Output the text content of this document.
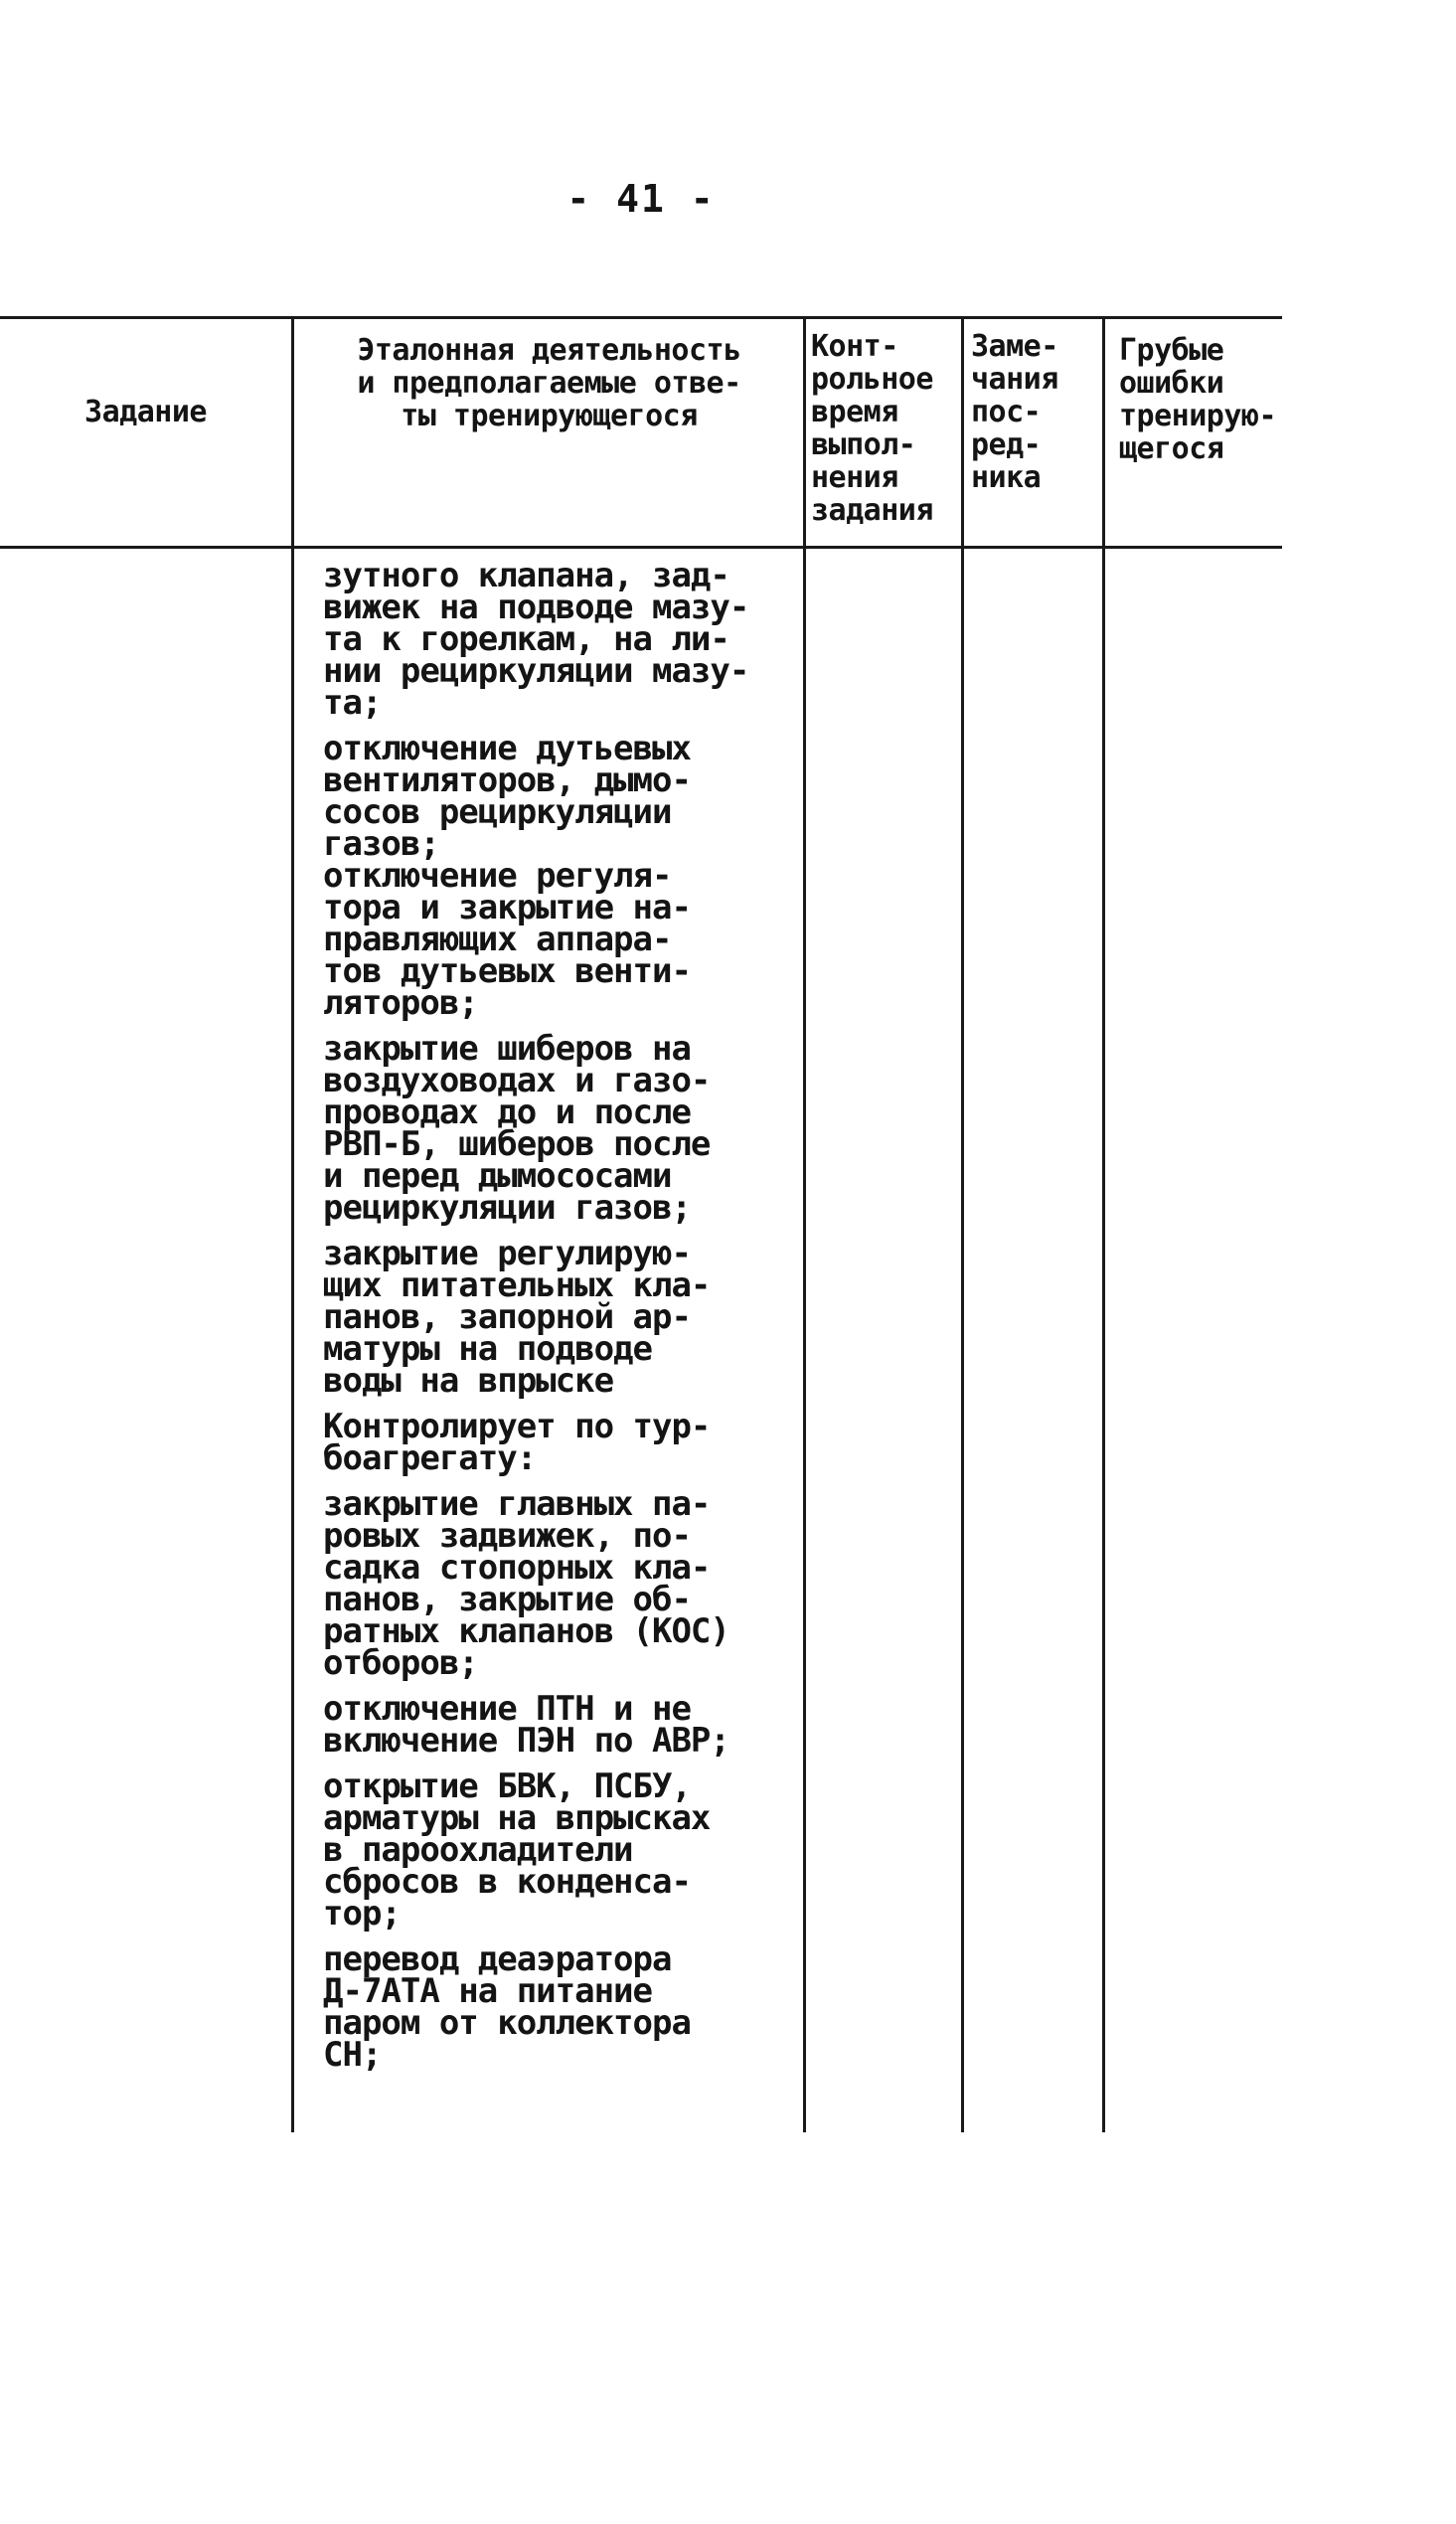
- 41 -
Задание
Эталонная деятельность
и предполагаемые отве-
ты тренирующегося
Конт-
рольное
время
выпол-
нения
задания
Заме-
чания
пос-
ред-
ника
Грубые
ошибки
тренирую-
щегося

зутного клапана, зад-
вижек на подводе мазу-
та к горелкам, на ли-
нии рециркуляции мазу-
та;

отключение дутьевых
вентиляторов, дымо-
сосов рециркуляции
газов;
отключение регуля-
тора и закрытие на-
правляющих аппара-
тов дутьевых венти-
ляторов;

закрытие шиберов на
воздуховодах и газо-
проводах до и после
РВП-Б, шиберов после
и перед дымососами
рециркуляции газов;

закрытие регулирую-
щих питательных кла-
панов, запорной ар-
матуры на подводе
воды на впрыске

Контролирует по тур-
боагрегату:

закрытие главных па-
ровых задвижек, по-
садка стопорных кла-
панов, закрытие об-
ратных клапанов (КОС)
отборов;

отключение ПТН и не
включение ПЭН по АВР;

открытие БВК, ПСБУ,
арматуры на впрысках
в пароохладители
сбросов в конденса-
тор;

перевод деаэратора
Д-7АТА на питание
паром от коллектора
СН;
